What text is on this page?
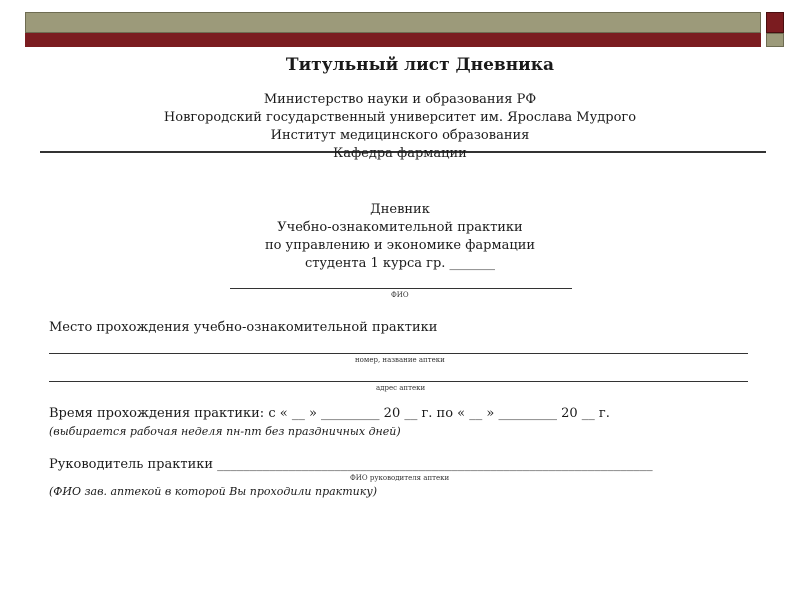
Титульный лист Дневника
Министерство науки и образования РФ
Новгородский государственный университет им. Ярослава Мудрого
Институт медицинского образования
Кафедра фармации
Дневник
Учебно-ознакомительной практики
по управлению и экономике фармации
студента 1 курса гр. _______
ФИО
Место прохождения учебно-ознакомительной практики
номер, название аптеки
адрес аптеки
Время прохождения практики: с « __ » _________ 20 __ г. по « __ » _________ 20 __ г.
(выбирается рабочая неделя пн-пт без праздничных дней)
Руководитель практики ___________________________________________________________________
ФИО руководителя аптеки
(ФИО зав. аптекой в которой Вы проходили практику)
